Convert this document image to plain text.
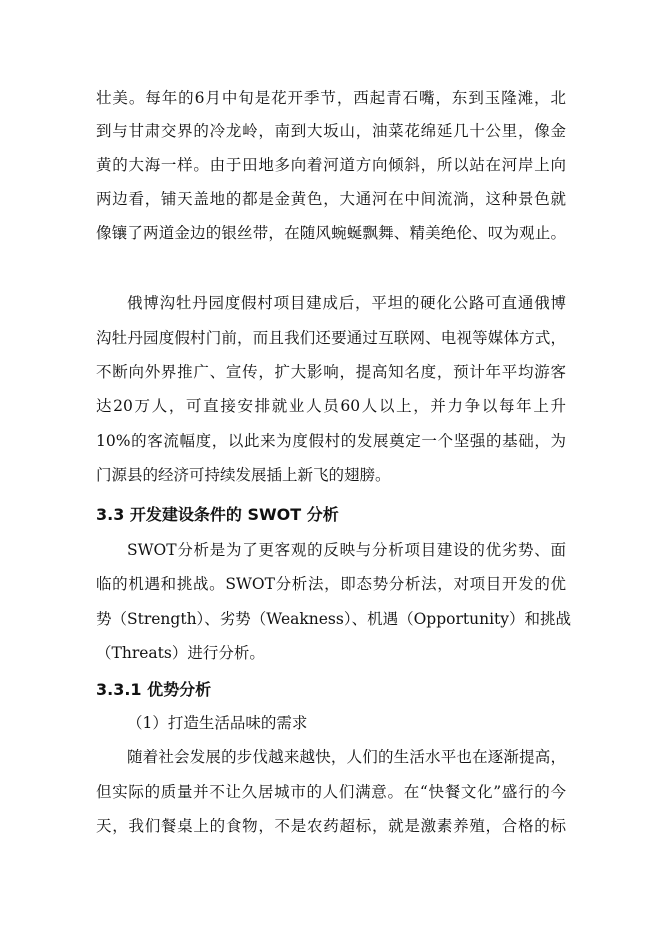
壮美。每年的6月中旬是花开季节，西起青石嘴，东到玉隆滩，北
到与甘肃交界的冷龙岭，南到大坂山，油菜花绵延几十公里，像金
黄的大海一样。由于田地多向着河道方向倾斜，所以站在河岸上向
两边看，铺天盖地的都是金黄色，大通河在中间流淌，这种景色就
像镶了两道金边的银丝带，在随风蜿蜒飘舞、精美绝伦、叹为观止。
俄博沟牡丹园度假村项目建成后，平坦的硬化公路可直通俄博
沟牡丹园度假村门前，而且我们还要通过互联网、电视等媒体方式，
不断向外界推广、宣传，扩大影响，提高知名度，预计年平均游客
达20万人，可直接安排就业人员60人以上，并力争以每年上升
10%的客流幅度，以此来为度假村的发展奠定一个坚强的基础，为
门源县的经济可持续发展插上新飞的翅膀。
3.3 开发建设条件的 SWOT 分析
SWOT分析是为了更客观的反映与分析项目建设的优劣势、面
临的机遇和挑战。SWOT分析法，即态势分析法，对项目开发的优
势（Strength）、劣势（Weakness）、机遇（Opportunity）和挑战
（Threats）进行分析。
3.3.1 优势分析
（1）打造生活品味的需求
随着社会发展的步伐越来越快，人们的生活水平也在逐渐提高，
但实际的质量并不让久居城市的人们满意。在“快餐文化”盛行的今
天，我们餐桌上的食物，不是农药超标，就是激素养殖，合格的标
